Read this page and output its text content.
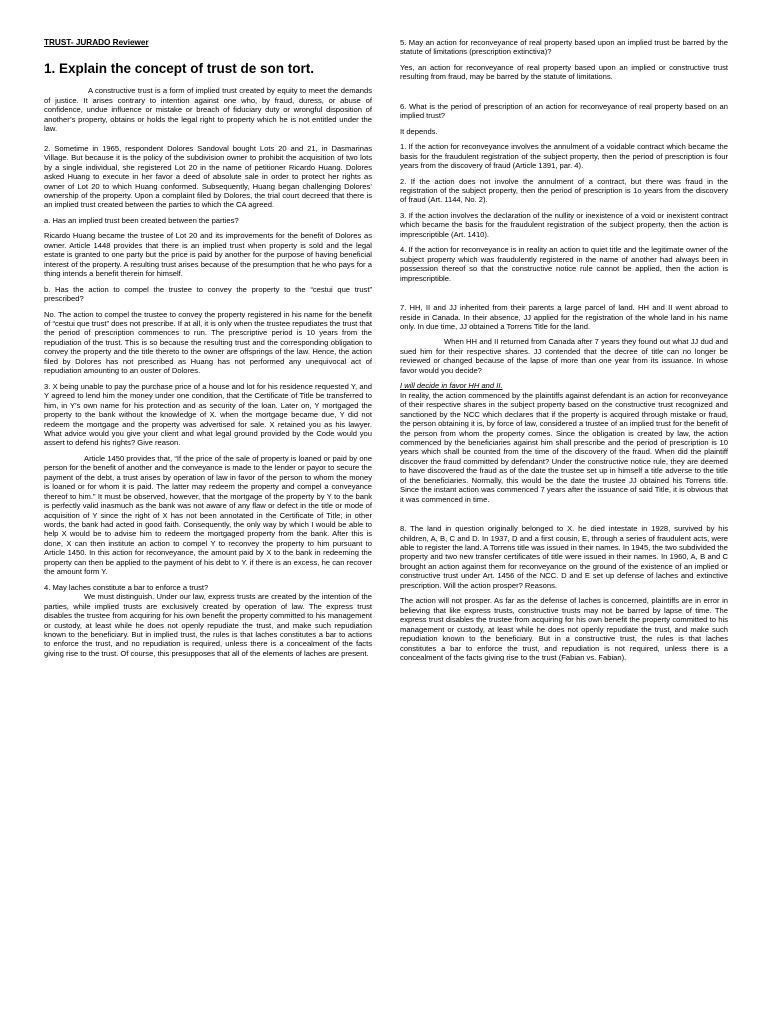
TRUST- JURADO Reviewer
1. Explain the concept of trust de son tort.

A constructive trust is a form of implied trust created by equity to meet the demands of justice. It arises contrary to intention against one who, by fraud, duress, or abuse of confidence, undue influence or mistake or breach of fiduciary duty or wrongful disposition of another’s property, obtains or holds the legal right to property which he is not entitled under the law.

2. Sometime in 1965, respondent Dolores Sandoval bought Lots 20 and 21, in Dasmarinas Village. But because it is the policy of the subdivision owner to prohibit the acquisition of two lots by a single individual, she registered Lot 20 in the name of petitioner Ricardo Huang. Dolores asked Huang to execute in her favor a deed of absolute sale in order to protect her rights as owner of Lot 20 to which Huang conformed. Subsequently, Huang began challenging Dolores’ ownership of the property. Upon a complaint filed by Dolores, the trial court decreed that there is an implied trust created between the parties to which the CA agreed.

a. Has an implied trust been created between the parties?

Ricardo Huang became the trustee of Lot 20 and its improvements for the benefit of Dolores as owner. Article 1448 provides that there is an implied trust when property is sold and the legal estate is granted to one party but the price is paid by another for the purpose of having beneficial interest of the property. A resulting trust arises because of the presumption that he who pays for a thing intends a benefit therein for himself.

b. Has the action to compel the trustee to convey the property to the “cestui que trust” prescribed?

No. The action to compel the trustee to convey the property registered in his name for the benefit of “cestui que trust” does not prescribe. If at all, it is only when the trustee repudiates the trust that the period of prescription commences to run. The prescriptive period is 10 years from the repudiation of the trust. This is so because the resulting trust and the corresponding obligation to convey the property and the title thereto to the owner are offsprings of the law. Hence, the action filed by Dolores has not prescribed as Huang has not performed any unequivocal act of repudiation amounting to an ouster of Dolores.

3. X being unable to pay the purchase price of a house and lot for his residence requested Y, and Y agreed to lend him the money under one condition, that the Certificate of Title be transferred to him, in Y’s own name for his protection and as security of the loan. Later on, Y mortgaged the property to the bank without the knowledge of X. when the mortgage became due, Y did not redeem the mortgage and the property was advertised for sale. X retained you as his lawyer. What advice would you give your client and what legal ground provided by the Code would you assert to defend his rights? Give reason.

Article 1450 provides that, “If the price of the sale of property is loaned or paid by one person for the benefit of another and the conveyance is made to the lender or payor to secure the payment of the debt, a trust arises by operation of law in favor of the person to whom the money is loaned or for whom it is paid. The latter may redeem the property and compel a conveyance thereof to him.” It must be observed, however, that the mortgage of the property by Y to the bank is perfectly valid inasmuch as the bank was not aware of any flaw or defect in the title or mode of acquisition of Y since the right of X has not been annotated in the Certificate of Title; in other words, the bank had acted in good faith. Consequently, the only way by which I would be able to help X would be to advise him to redeem the mortgaged property from the bank. After this is done, X can then institute an action to compel Y to reconvey the property to him pursuant to Article 1450. In this action for reconveyance, the amount paid by X to the bank in redeeming the property can then be applied to the payment of his debt to Y. if there is an excess, he can recover the amount form Y.

4. May laches constitute a bar to enforce a trust?

We must distinguish. Under our law, express trusts are created by the intention of the parties, while implied trusts are exclusively created by operation of law. The express trust disables the trustee from acquiring for his own benefit the property committed to his management or custody, at least while he does not openly repudiate the trust, and make such repudiation known to the beneficiary. But in implied trust, the rules is that laches constitutes a bar to actions to enforce the trust, and no repudiation is required, unless there is a concealment of the facts giving rise to the trust. Of course, this presupposes that all of the elements of laches are present.

5. May an action for reconveyance of real property based upon an implied trust be barred by the statute of limitations (prescription extinctiva)?

Yes, an action for reconveyance of real property based upon an implied or constructive trust resulting from fraud, may be barred by the statute of limitations.

6. What is the period of prescription of an action for reconveyance of real property based on an implied trust?

It depends.

1. If the action for reconveyance involves the annulment of a voidable contract which became the basis for the fraudulent registration of the subject property, then the period of prescription is four years from the discovery of fraud (Article 1391, par. 4).

2. If the action does not involve the annulment of a contract, but there was fraud in the registration of the subject property, then the period of prescription is 1o years from the discovery of fraud (Art. 1144, No. 2).

3. If the action involves the declaration of the nullity or inexistence of a void or inexistent contract which became the basis for the fraudulent registration of the subject property, then the action is imprescriptible (Art. 1410).

4. If the action for reconveyance is in reality an action to quiet title and the legitimate owner of the subject property which was fraudulently registered in the name of another had always been in possession thereof so that the constructive notice rule cannot be applied, then the action is imprescriptible.

7. HH, II and JJ inherited from their parents a large parcel of land. HH and II went abroad to reside in Canada. In their absence, JJ applied for the registration of the whole land in his name only. In due time, JJ obtained a Torrens Title for the land.

When HH and II returned from Canada after 7 years they found out what JJ dud and sued him for their respective shares. JJ contended that the decree of title can no longer be reviewed or changed because of the lapse of more than one year from its issuance. In whose favor would you decide?

I will decide in favor HH and II.

In reality, the action commenced by the plaintiffs against defendant is an action for reconveyance of their respective shares in the subject property based on the constructive trust recognized and sanctioned by the NCC which declares that if the property is acquired through mistake or fraud, the person obtaining it is, by force of law, considered a trustee of an implied trust for the benefit of the person from whom the property comes. Since the obligation is created by law, the action commenced by the beneficiaries against him shall prescribe and the period of prescription is 10 years which shall be counted from the time of the discovery of the fraud. When did the plaintiff discover the fraud committed by defendant? Under the constructive notice rule, they are deemed to have discovered the fraud as of the date the trustee set up in himself a title adverse to the title of the beneficiaries. Normally, this would be the date the trustee JJ obtained his Torrens title. Since the instant action was commenced 7 years after the issuance of said Title, it is obvious that it was commenced in time.

8. The land in question originally belonged to X. he died intestate in 1928, survived by his children, A, B, C and D. In 1937, D and a first cousin, E, through a series of fraudulent acts, were able to register the land. A Torrens title was issued in their names. In 1945, the two subdivided the property and two new transfer certificates of title were issued in their names. In 1960, A, B and C brought an action against them for reconveyance on the ground of the existence of an implied or constructive trust under Art. 1456 of the NCC. D and E set up defense of laches and extinctive prescription. Will the action prosper? Reasons.

The action will not prosper. As far as the defense of laches is concerned, plaintiffs are in error in believing that like express trusts, constructive trusts may not be barred by lapse of time. The express trust disables the trustee from acquiring for his own benefit the property committed to his management or custody, at least while he does not openly repudiate the trust, and make such repudiation known to the beneficiary. But in a constructive trust, the rules is that laches constitutes a bar to enforce the trust, and repudiation is not required, unless there is a concealment of the facts giving rise to the trust (Fabian vs. Fabian).
